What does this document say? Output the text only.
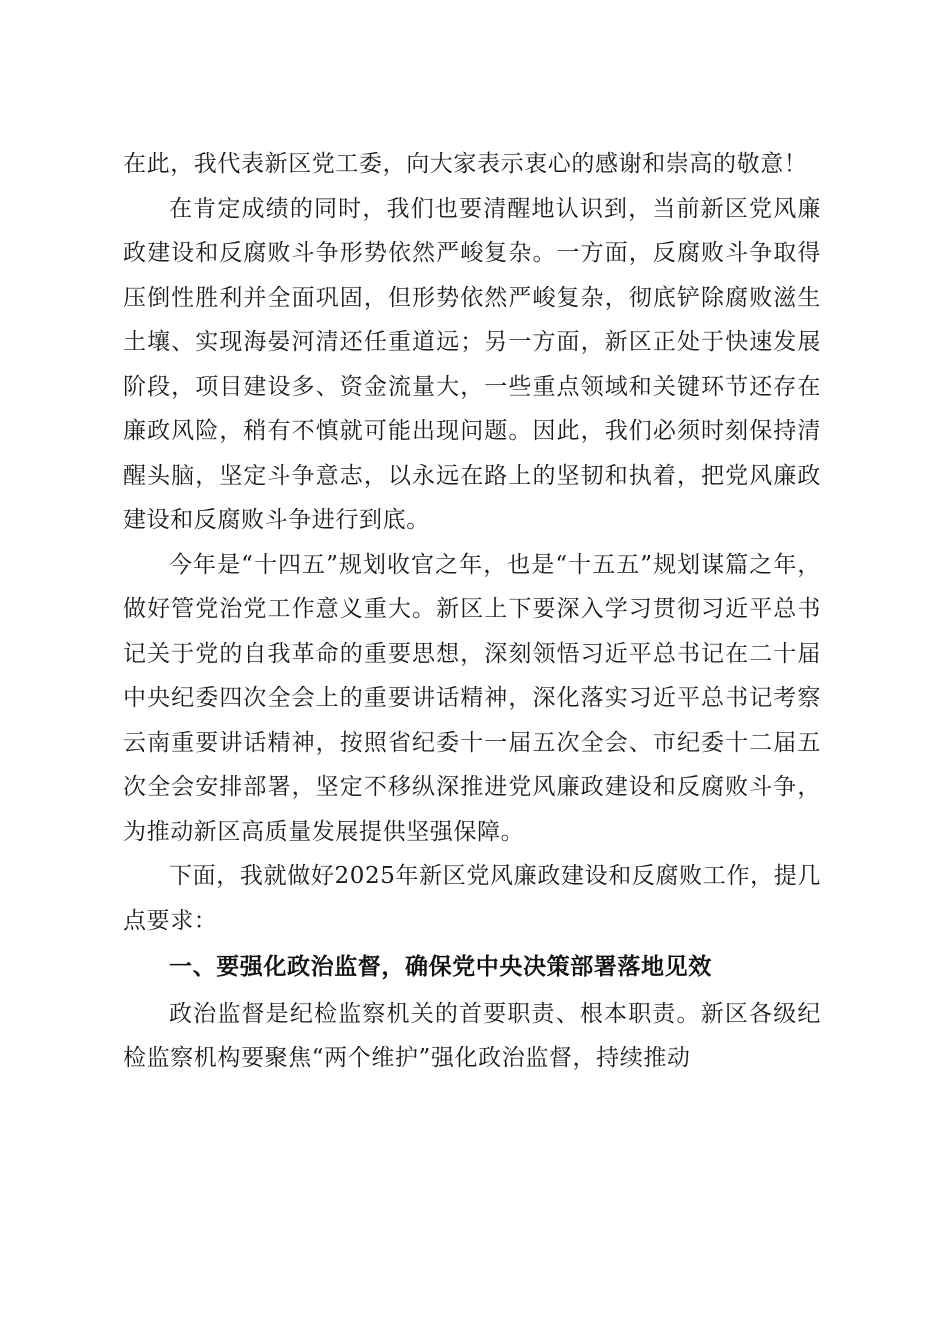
在此，我代表新区党工委，向大家表示衷心的感谢和崇高的敬意！

在肯定成绩的同时，我们也要清醒地认识到，当前新区党风廉政建设和反腐败斗争形势依然严峻复杂。一方面，反腐败斗争取得压倒性胜利并全面巩固，但形势依然严峻复杂，彻底铲除腐败滋生土壤、实现海晏河清还任重道远；另一方面，新区正处于快速发展阶段，项目建设多、资金流量大，一些重点领域和关键环节还存在廉政风险，稍有不慎就可能出现问题。因此，我们必须时刻保持清醒头脑，坚定斗争意志，以永远在路上的坚韧和执着，把党风廉政建设和反腐败斗争进行到底。

今年是“十四五”规划收官之年，也是“十五五”规划谋篇之年，做好管党治党工作意义重大。新区上下要深入学习贯彻习近平总书记关于党的自我革命的重要思想，深刻领悟习近平总书记在二十届中央纪委四次全会上的重要讲话精神，深化落实习近平总书记考察云南重要讲话精神，按照省纪委十一届五次全会、市纪委十二届五次全会安排部署，坚定不移纵深推进党风廉政建设和反腐败斗争，为推动新区高质量发展提供坚强保障。

下面，我就做好2025年新区党风廉政建设和反腐败工作，提几点要求：

一、要强化政治监督，确保党中央决策部署落地见效

政治监督是纪检监察机关的首要职责、根本职责。新区各级纪检监察机构要聚焦“两个维护”强化政治监督，持续推动
